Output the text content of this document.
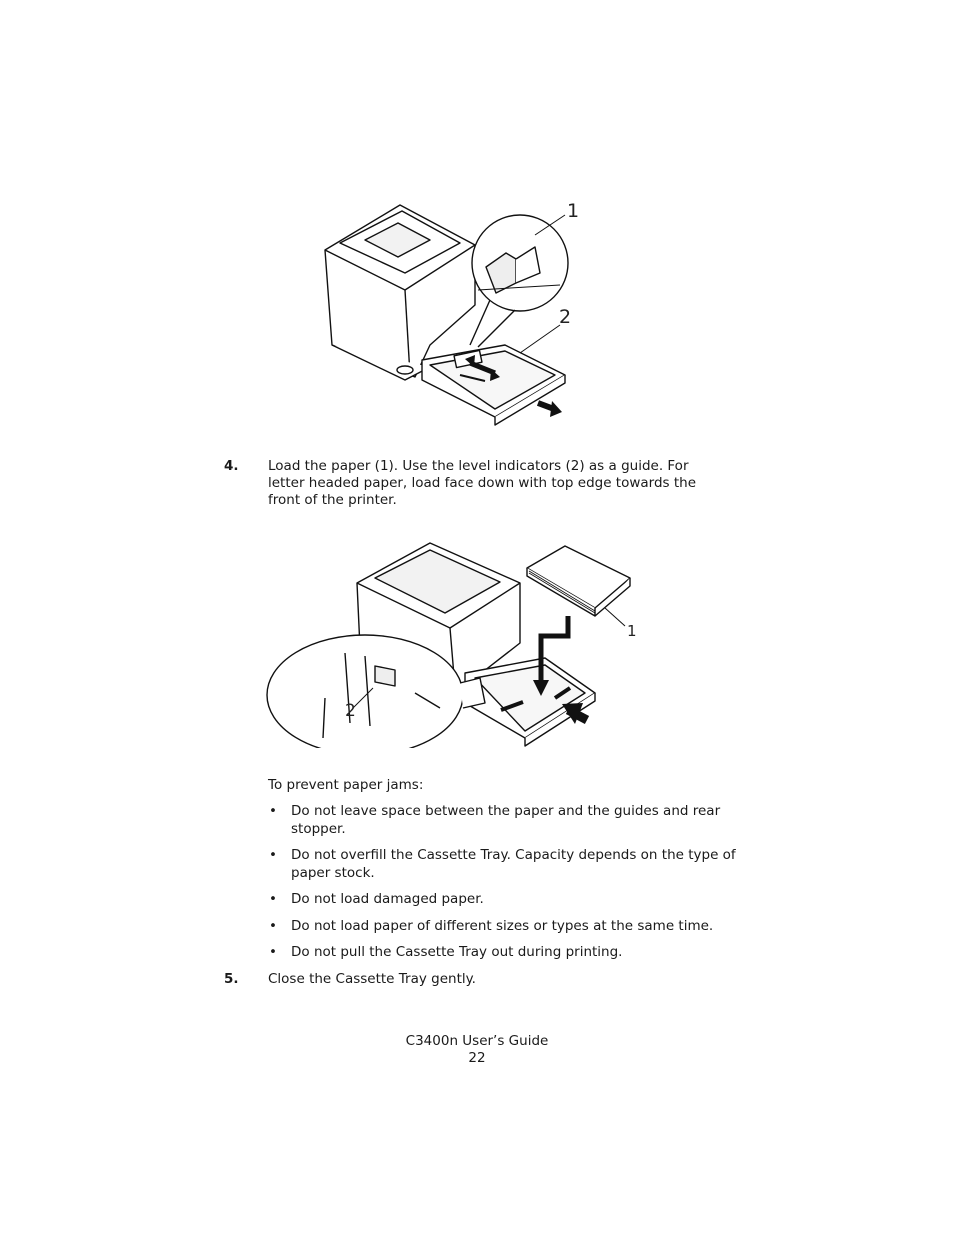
1
2
4. Load the paper (1). Use the level indicators (2) as a guide. For letter headed paper, load face down with top edge towards the front of the printer.
1
2
To prevent paper jams:
• Do not leave space between the paper and the guides and rear stopper.
• Do not overfill the Cassette Tray. Capacity depends on the type of paper stock.
• Do not load damaged paper.
• Do not load paper of different sizes or types at the same time.
• Do not pull the Cassette Tray out during printing.
5. Close the Cassette Tray gently.
C3400n User’s Guide
22
